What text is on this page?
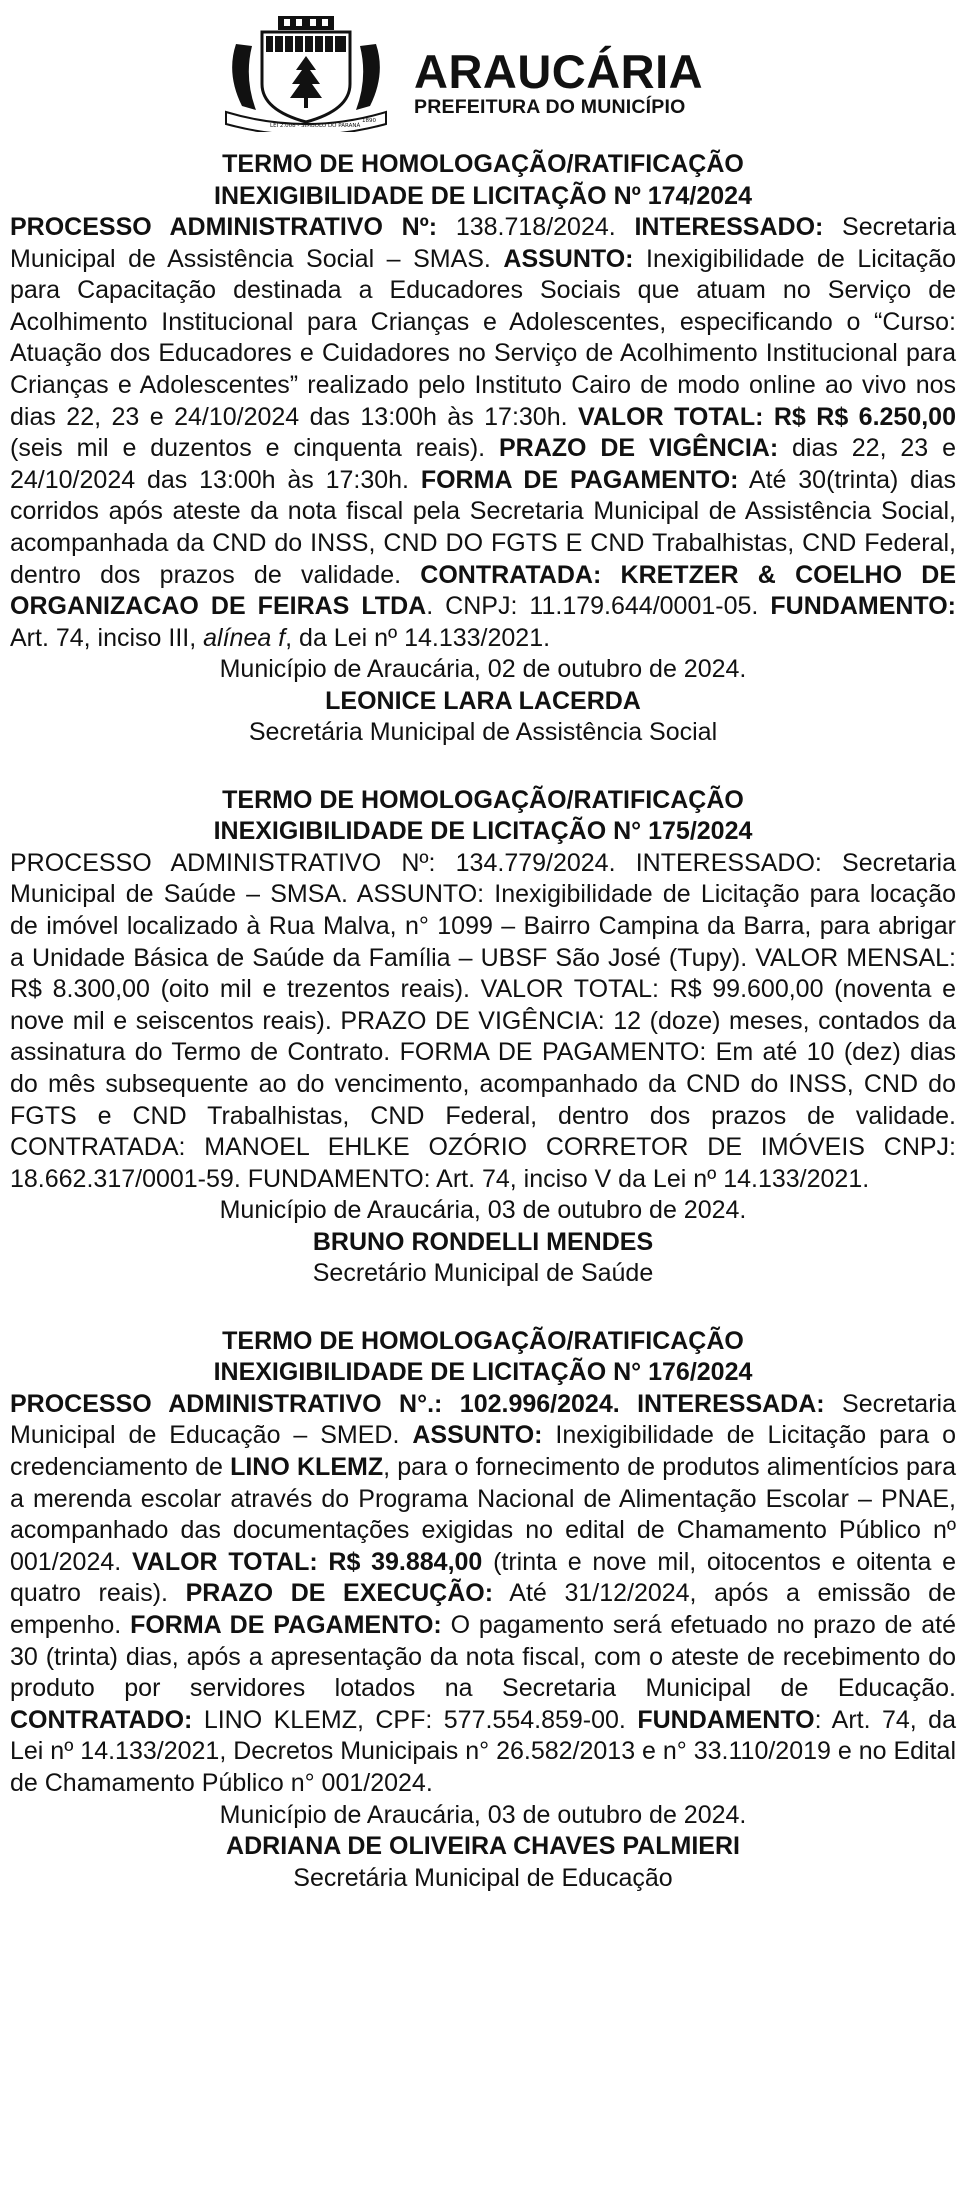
LEI 2.008 - SÍMBOLO DO PARANÁ
1890
ARAUCÁRIA
PREFEITURA DO MUNICÍPIO
TERMO DE HOMOLOGAÇÃO/RATIFICAÇÃO
INEXIGIBILIDADE DE LICITAÇÃO Nº 174/2024
PROCESSO ADMINISTRATIVO Nº: 138.718/2024. INTERESSADO: Secretaria Municipal de Assistência Social – SMAS. ASSUNTO: Inexigibilidade de Licitação para Capacitação destinada a Educadores Sociais que atuam no Serviço de Acolhimento Institucional para Crianças e Adolescentes, especificando o “Curso: Atuação dos Educadores e Cuidadores no Serviço de Acolhimento Institucional para Crianças e Adolescentes” realizado pelo Instituto Cairo de modo online ao vivo nos dias 22, 23 e 24/10/2024 das 13:00h às 17:30h. VALOR TOTAL: R$ R$ 6.250,00 (seis mil e duzentos e cinquenta reais). PRAZO DE VIGÊNCIA: dias 22, 23 e 24/10/2024 das 13:00h às 17:30h. FORMA DE PAGAMENTO: Até 30(trinta) dias corridos após ateste da nota fiscal pela Secretaria Municipal de Assistência Social, acompanhada da CND do INSS, CND DO FGTS E CND Trabalhistas, CND Federal, dentro dos prazos de validade. CONTRATADA: KRETZER & COELHO DE ORGANIZACAO DE FEIRAS LTDA. CNPJ: 11.179.644/0001-05. FUNDAMENTO: Art. 74, inciso III, alínea f, da Lei nº 14.133/2021.
Município de Araucária, 02 de outubro de 2024.
LEONICE LARA LACERDA
Secretária Municipal de Assistência Social
TERMO DE HOMOLOGAÇÃO/RATIFICAÇÃO
INEXIGIBILIDADE DE LICITAÇÃO N° 175/2024
PROCESSO ADMINISTRATIVO Nº: 134.779/2024. INTERESSADO: Secretaria Municipal de Saúde – SMSA. ASSUNTO: Inexigibilidade de Licitação para locação de imóvel localizado à Rua Malva, n° 1099 – Bairro Campina da Barra, para abrigar a Unidade Básica de Saúde da Família – UBSF São José (Tupy). VALOR MENSAL: R$ 8.300,00 (oito mil e trezentos reais). VALOR TOTAL: R$ 99.600,00 (noventa e nove mil e seiscentos reais). PRAZO DE VIGÊNCIA: 12 (doze) meses, contados da assinatura do Termo de Contrato. FORMA DE PAGAMENTO: Em até 10 (dez) dias do mês subsequente ao do vencimento, acompanhado da CND do INSS, CND do FGTS e CND Trabalhistas, CND Federal, dentro dos prazos de validade. CONTRATADA: MANOEL EHLKE OZÓRIO CORRETOR DE IMÓVEIS CNPJ: 18.662.317/0001-59. FUNDAMENTO: Art. 74, inciso V da Lei nº 14.133/2021.
Município de Araucária, 03 de outubro de 2024.
BRUNO RONDELLI MENDES
Secretário Municipal de Saúde
TERMO DE HOMOLOGAÇÃO/RATIFICAÇÃO
INEXIGIBILIDADE DE LICITAÇÃO N° 176/2024
PROCESSO ADMINISTRATIVO N°.: 102.996/2024. INTERESSADA: Secretaria Municipal de Educação – SMED. ASSUNTO: Inexigibilidade de Licitação para o credenciamento de LINO KLEMZ, para o fornecimento de produtos alimentícios para a merenda escolar através do Programa Nacional de Alimentação Escolar – PNAE, acompanhado das documentações exigidas no edital de Chamamento Público nº 001/2024. VALOR TOTAL: R$ 39.884,00 (trinta e nove mil, oitocentos e oitenta e quatro reais). PRAZO DE EXECUÇÃO: Até 31/12/2024, após a emissão de empenho. FORMA DE PAGAMENTO: O pagamento será efetuado no prazo de até 30 (trinta) dias, após a apresentação da nota fiscal, com o ateste de recebimento do produto por servidores lotados na Secretaria Municipal de Educação. CONTRATADO: LINO KLEMZ, CPF: 577.554.859-00. FUNDAMENTO: Art. 74, da Lei nº 14.133/2021, Decretos Municipais n° 26.582/2013 e n° 33.110/2019 e no Edital de Chamamento Público n° 001/2024.
Município de Araucária, 03 de outubro de 2024.
ADRIANA DE OLIVEIRA CHAVES PALMIERI
Secretária Municipal de Educação
